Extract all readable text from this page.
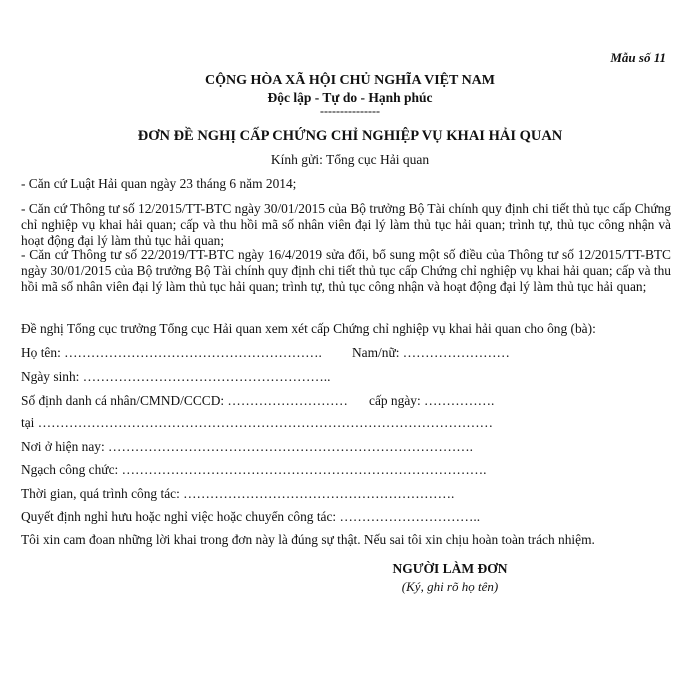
Mẫu số 11
CỘNG HÒA XÃ HỘI CHỦ NGHĨA VIỆT NAM
Độc lập - Tự do - Hạnh phúc
---------------
ĐƠN ĐỀ NGHỊ CẤP CHỨNG CHỈ NGHIỆP VỤ KHAI HẢI QUAN
Kính gửi: Tổng cục Hải quan
- Căn cứ Luật Hải quan ngày 23 tháng 6 năm 2014;
- Căn cứ Thông tư số 12/2015/TT-BTC ngày 30/01/2015 của Bộ trưởng Bộ Tài chính quy định chi tiết thủ tục cấp Chứng chỉ nghiệp vụ khai hải quan; cấp và thu hồi mã số nhân viên đại lý làm thủ tục hải quan; trình tự, thủ tục công nhận và hoạt động đại lý làm thủ tục hải quan;
- Căn cứ Thông tư số 22/2019/TT-BTC ngày 16/4/2019 sửa đổi, bổ sung một số điều của Thông tư số 12/2015/TT-BTC ngày 30/01/2015 của Bộ trưởng Bộ Tài chính quy định chi tiết thủ tục cấp Chứng chỉ nghiệp vụ khai hải quan; cấp và thu hồi mã số nhân viên đại lý làm thủ tục hải quan; trình tự, thủ tục công nhận và hoạt động đại lý làm thủ tục hải quan;
Đề nghị Tổng cục trưởng Tổng cục Hải quan xem xét cấp Chứng chỉ nghiệp vụ khai hải quan cho ông (bà):
Họ tên: …………………………………………………. Nam/nữ: ……………………
Ngày sinh: ………………………………………………..
Số định danh cá nhân/CMND/CCCD: ……………………… cấp ngày: …………….
tại …………………………………………………………………………………………
Nơi ở hiện nay: ……………………………………………………………………….
Ngạch công chức: ……………………………………………………………………….
Thời gian, quá trình công tác: …………………………………………………….
Quyết định nghỉ hưu hoặc nghỉ việc hoặc chuyển công tác: …………………………..
Tôi xin cam đoan những lời khai trong đơn này là đúng sự thật. Nếu sai tôi xin chịu hoàn toàn trách nhiệm.
NGƯỜI LÀM ĐƠN
(Ký, ghi rõ họ tên)
